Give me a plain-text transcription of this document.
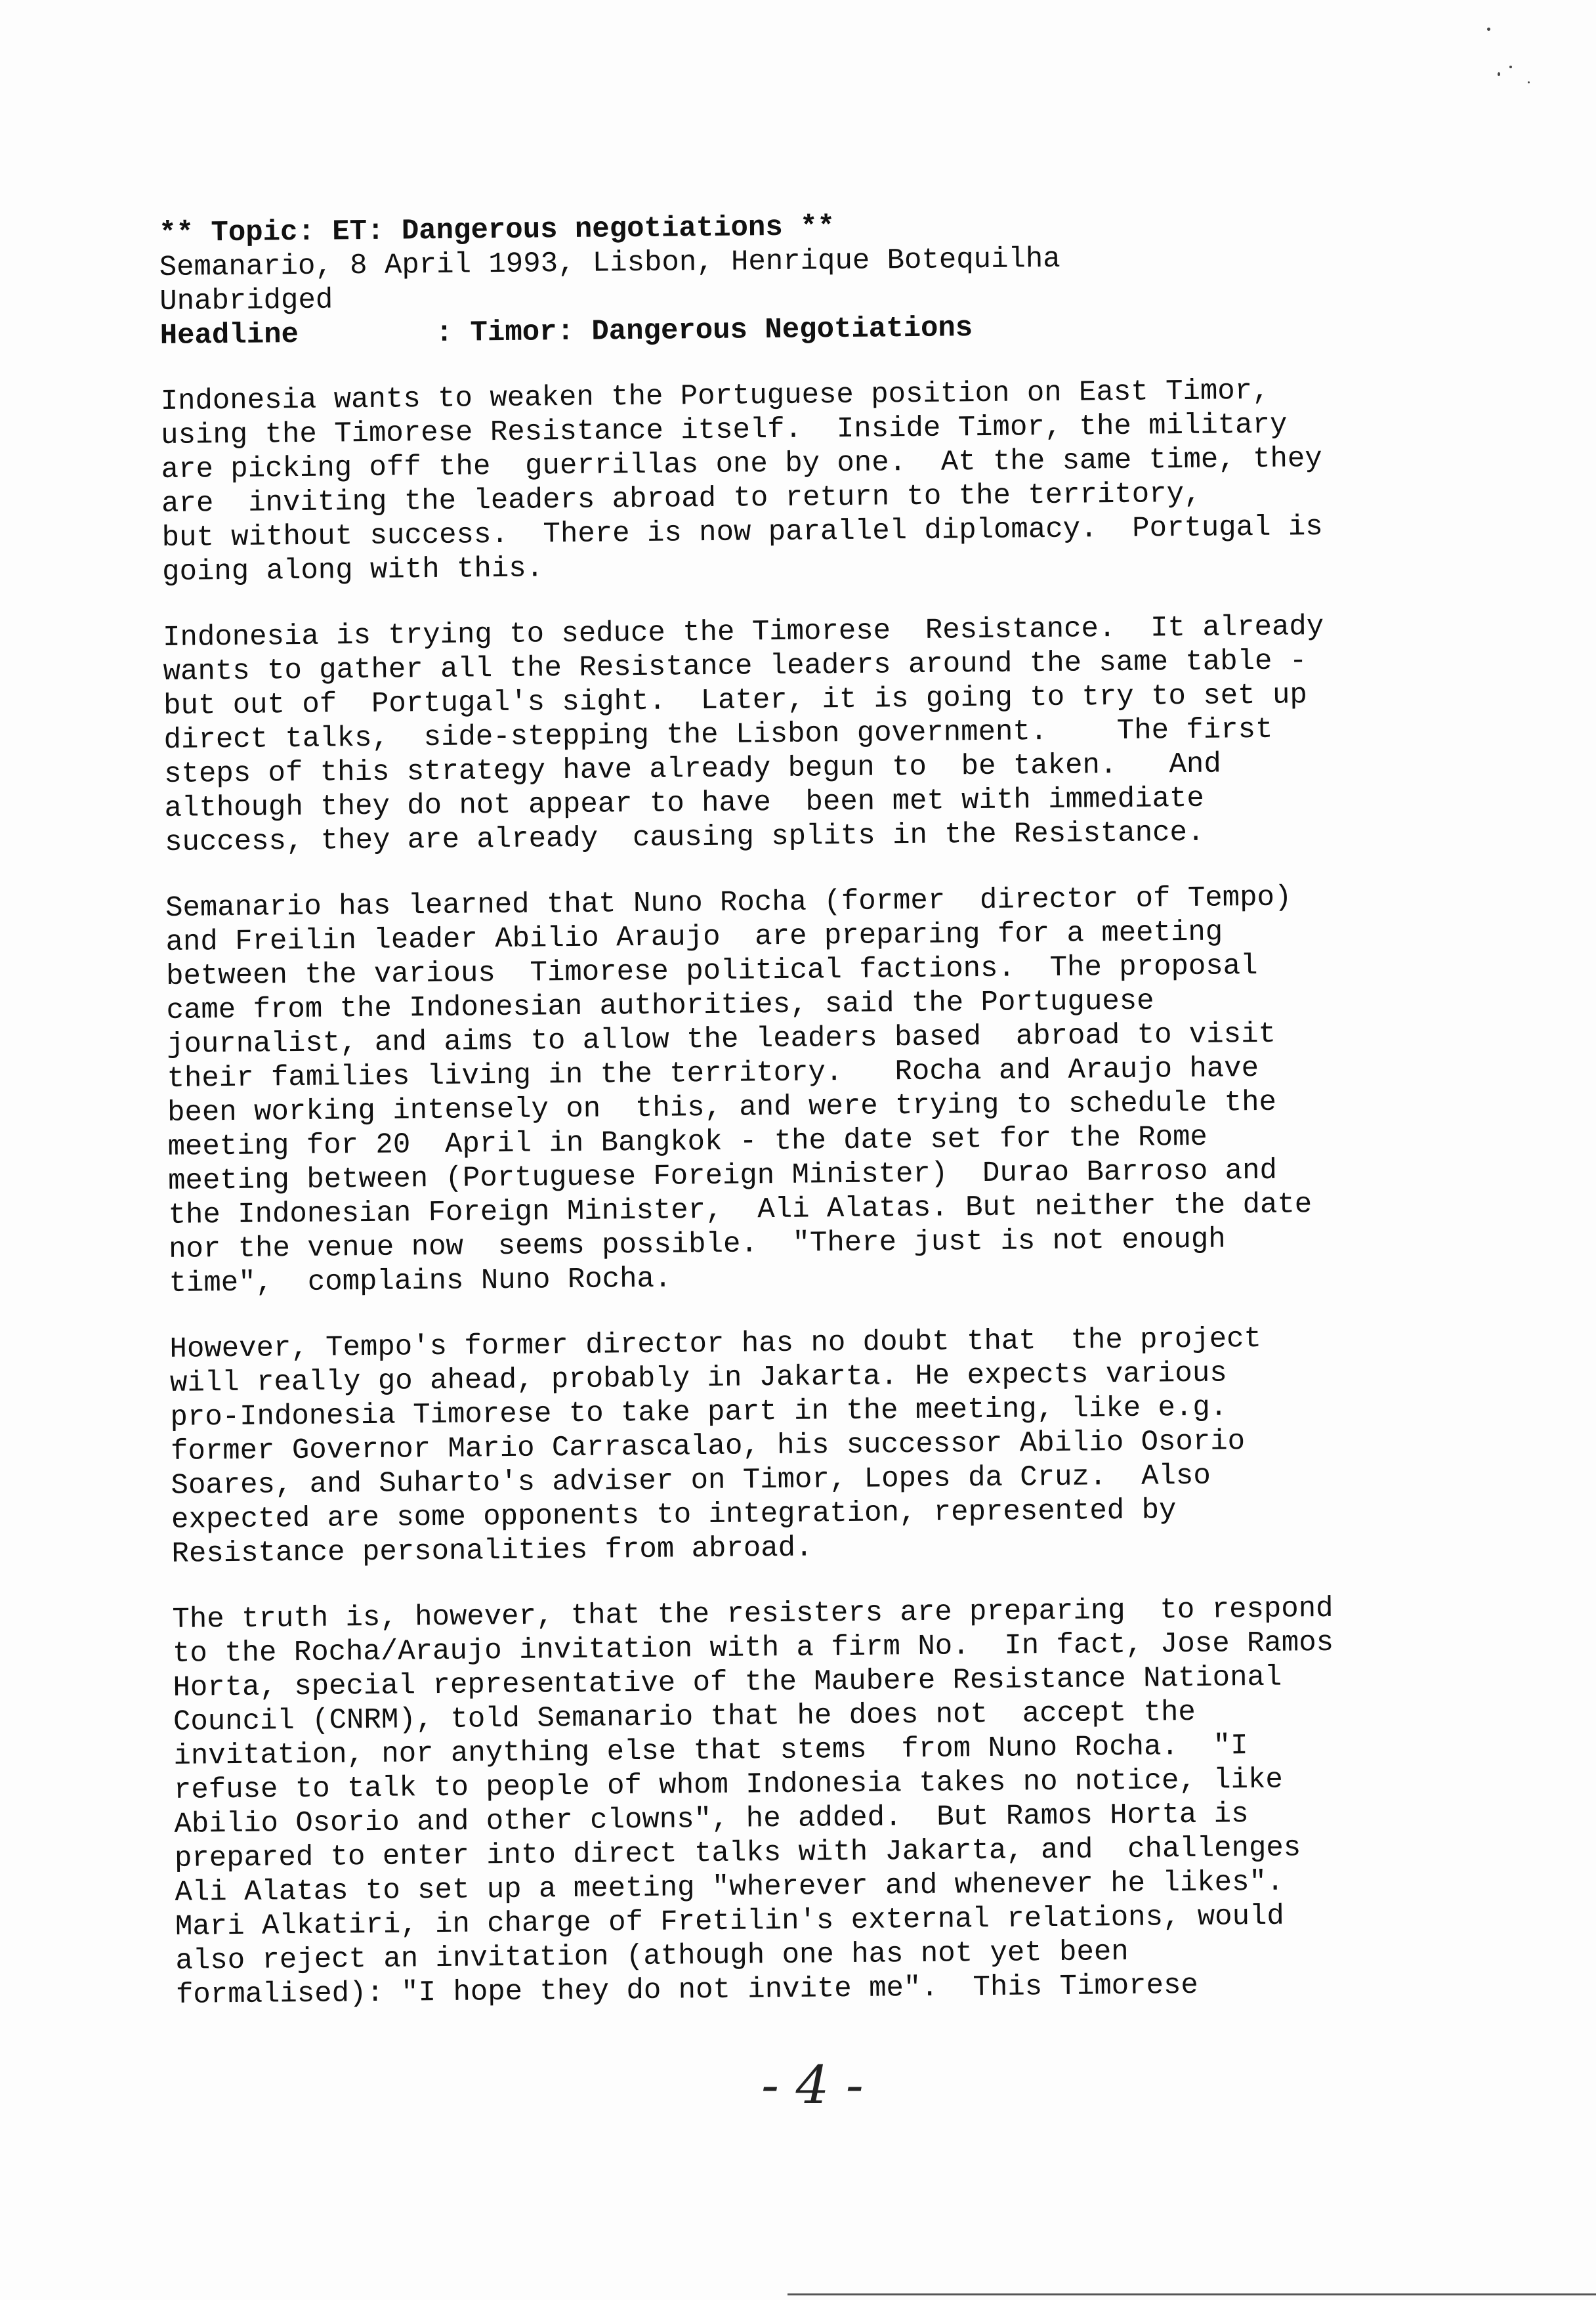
** Topic: ET: Dangerous negotiations **
Semanario, 8 April 1993, Lisbon, Henrique Botequilha
Unabridged
Headline	: Timor: Dangerous Negotiations
Indonesia wants to weaken the Portuguese position on East Timor,
using the Timorese Resistance itself.  Inside Timor, the military
are picking off the  guerrillas one by one.  At the same time, they
are  inviting the leaders abroad to return to the territory,
but without success.  There is now parallel diplomacy.  Portugal is
going along with this.
Indonesia is trying to seduce the Timorese  Resistance.  It already
wants to gather all the Resistance leaders around the same table -
but out of  Portugal's sight.  Later, it is going to try to set up
direct talks,  side-stepping the Lisbon government.    The first
steps of this strategy have already begun to  be taken.   And
although they do not appear to have  been met with immediate
success, they are already  causing splits in the Resistance.
Semanario has learned that Nuno Rocha (former  director of Tempo)
and Freilin leader Abilio Araujo  are preparing for a meeting
between the various  Timorese political factions.  The proposal
came from the Indonesian authorities, said the Portuguese
journalist, and aims to allow the leaders based  abroad to visit
their families living in the territory.   Rocha and Araujo have
been working intensely on  this, and were trying to schedule the
meeting for 20  April in Bangkok - the date set for the Rome
meeting between (Portuguese Foreign Minister)  Durao Barroso and
the Indonesian Foreign Minister,  Ali Alatas. But neither the date
nor the venue now  seems possible.  "There just is not enough
time",  complains Nuno Rocha.
However, Tempo's former director has no doubt that  the project
will really go ahead, probably in Jakarta. He expects various
pro-Indonesia Timorese to take part in the meeting, like e.g.
former Governor Mario Carrascalao, his successor Abilio Osorio
Soares, and Suharto's adviser on Timor, Lopes da Cruz.  Also
expected are some opponents to integration, represented by
Resistance personalities from abroad.
The truth is, however, that the resisters are preparing  to respond
to the Rocha/Araujo invitation with a firm No.  In fact, Jose Ramos
Horta, special representative of the Maubere Resistance National
Council (CNRM), told Semanario that he does not  accept the
invitation, nor anything else that stems  from Nuno Rocha.  "I
refuse to talk to people of whom Indonesia takes no notice, like
Abilio Osorio and other clowns", he added.  But Ramos Horta is
prepared to enter into direct talks with Jakarta, and  challenges
Ali Alatas to set up a meeting "wherever and whenever he likes".
Mari Alkatiri, in charge of Fretilin's external relations, would
also reject an invitation (athough one has not yet been
formalised): "I hope they do not invite me".  This Timorese
- 4 -
